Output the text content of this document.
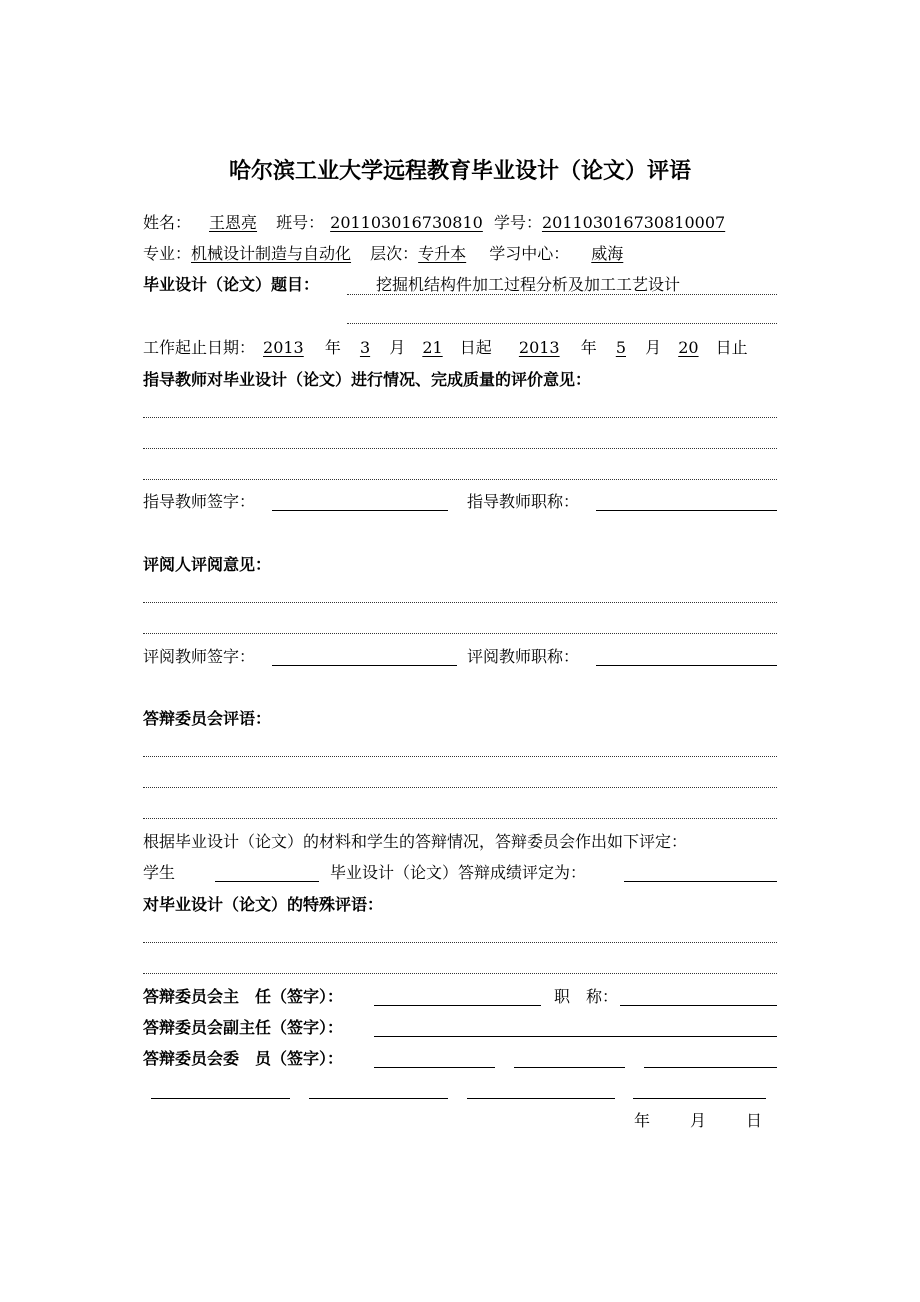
哈尔滨工业大学远程教育毕业设计（论文）评语
姓名： 王恩亮 班号： 201103016730810 学号：201103016730810007
专业：机械设计制造与自动化 层次：专升本 学习中心： 威海
毕业设计（论文）题目：	挖掘机结构件加工过程分析及加工工艺设计
工作起止日期： 2013 年 3 月 21 日起 2013 年 5 月 20 日止
指导教师对毕业设计（论文）进行情况、完成质量的评价意见：
指导教师签字：	指导教师职称：
评阅人评阅意见：
评阅教师签字：	评阅教师职称：
答辩委员会评语：
根据毕业设计（论文）的材料和学生的答辩情况，答辩委员会作出如下评定：
学生	毕业设计（论文）答辩成绩评定为：
对毕业设计（论文）的特殊评语：
答辩委员会主　任（签字）：	职　称：
答辩委员会副主任（签字）：
答辩委员会委　员（签字）：
年 月 日
